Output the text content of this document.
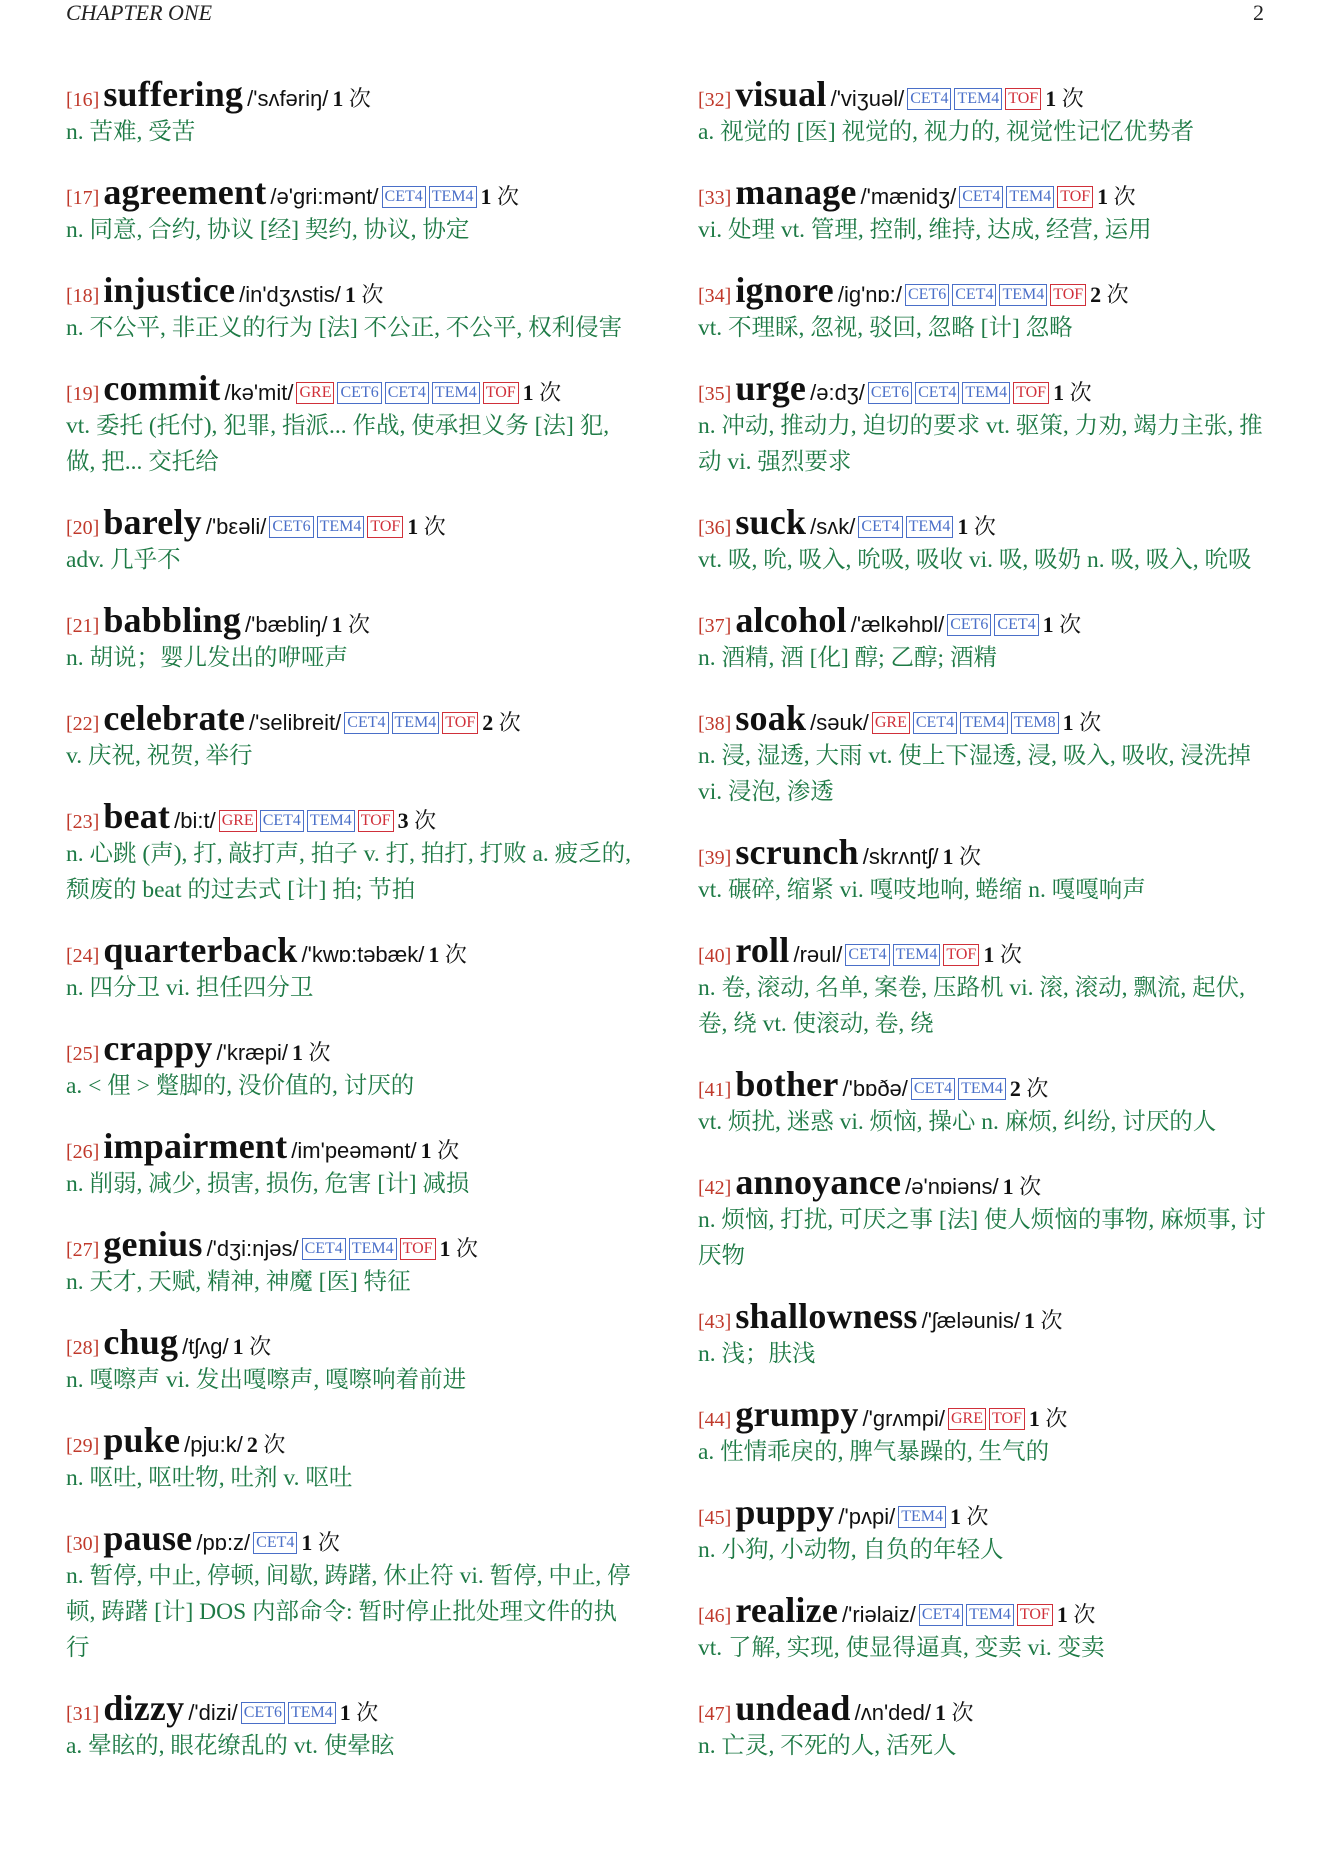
CHAPTER ONE	2
[16] suffering /'sʌfəriŋ/ 1 次

n. 苦难, 受苦

[17] agreement /ə'gri:mənt/ CET4 TEM4 1 次

n. 同意, 合约, 协议 [经] 契约, 协议, 协定

[18] injustice /in'dʒʌstis/ 1 次

n. 不公平, 非正义的行为 [法] 不公正, 不公平, 权利侵害

[19] commit /kə'mit/ GRE CET6 CET4 TEM4 TOF 1 次

vt. 委托 (托付), 犯罪, 指派... 作战, 使承担义务 [法] 犯, 做, 把... 交托给

[20] barely /'bεəli/ CET6 TEM4 TOF 1 次

adv. 几乎不

[21] babbling /'bæbliŋ/ 1 次

n. 胡说；婴儿发出的咿哑声

[22] celebrate /'selibreit/ CET4 TEM4 TOF 2 次

v. 庆祝, 祝贺, 举行

[23] beat /bi:t/ GRE CET4 TEM4 TOF 3 次

n. 心跳 (声), 打, 敲打声, 拍子 v. 打, 拍打, 打败 a. 疲乏的, 颓废的 beat 的过去式 [计] 拍; 节拍

[24] quarterback /'kwɒ:təbæk/ 1 次

n. 四分卫 vi. 担任四分卫

[25] crappy /'kræpi/ 1 次

a. < 俚 > 蹩脚的, 没价值的, 讨厌的

[26] impairment /im'peəmənt/ 1 次

n. 削弱, 减少, 损害, 损伤, 危害 [计] 减损

[27] genius /'dʒi:njəs/ CET4 TEM4 TOF 1 次

n. 天才, 天赋, 精神, 神魔 [医] 特征

[28] chug /tʃʌg/ 1 次

n. 嘎嚓声 vi. 发出嘎嚓声, 嘎嚓响着前进

[29] puke /pju:k/ 2 次

n. 呕吐, 呕吐物, 吐剂 v. 呕吐

[30] pause /pɒ:z/ CET4 1 次

n. 暂停, 中止, 停顿, 间歇, 踌躇, 休止符 vi. 暂停, 中止, 停顿, 踌躇 [计] DOS 内部命令: 暂时停止批处理文件的执行

[31] dizzy /'dizi/ CET6 TEM4 1 次

a. 晕眩的, 眼花缭乱的 vt. 使晕眩

[32] visual /'viʒuəl/ CET4 TEM4 TOF 1 次

a. 视觉的 [医] 视觉的, 视力的, 视觉性记忆优势者

[33] manage /'mænidʒ/ CET4 TEM4 TOF 1 次

vi. 处理 vt. 管理, 控制, 维持, 达成, 经营, 运用

[34] ignore /ig'nɒ:/ CET6 CET4 TEM4 TOF 2 次

vt. 不理睬, 忽视, 驳回, 忽略 [计] 忽略

[35] urge /ə:dʒ/ CET6 CET4 TEM4 TOF 1 次

n. 冲动, 推动力, 迫切的要求 vt. 驱策, 力劝, 竭力主张, 推动 vi. 强烈要求

[36] suck /sʌk/ CET4 TEM4 1 次

vt. 吸, 吮, 吸入, 吮吸, 吸收 vi. 吸, 吸奶 n. 吸, 吸入, 吮吸

[37] alcohol /'ælkəhɒl/ CET6 CET4 1 次

n. 酒精, 酒 [化] 醇; 乙醇; 酒精

[38] soak /səuk/ GRE CET4 TEM4 TEM8 1 次

n. 浸, 湿透, 大雨 vt. 使上下湿透, 浸, 吸入, 吸收, 浸洗掉 vi. 浸泡, 渗透

[39] scrunch /skrʌntʃ/ 1 次

vt. 碾碎, 缩紧 vi. 嘎吱地响, 蜷缩 n. 嘎嘎响声

[40] roll /rəul/ CET4 TEM4 TOF 1 次

n. 卷, 滚动, 名单, 案卷, 压路机 vi. 滚, 滚动, 飘流, 起伏, 卷, 绕 vt. 使滚动, 卷, 绕

[41] bother /'bɒðə/ CET4 TEM4 2 次

vt. 烦扰, 迷惑 vi. 烦恼, 操心 n. 麻烦, 纠纷, 讨厌的人

[42] annoyance /ə'nɒiəns/ 1 次

n. 烦恼, 打扰, 可厌之事 [法] 使人烦恼的事物, 麻烦事, 讨厌物

[43] shallowness /'ʃæləunis/ 1 次

n. 浅；肤浅

[44] grumpy /'grʌmpi/ GRE TOF 1 次

a. 性情乖戾的, 脾气暴躁的, 生气的

[45] puppy /'pʌpi/ TEM4 1 次

n. 小狗, 小动物, 自负的年轻人

[46] realize /'riəlaiz/ CET4 TEM4 TOF 1 次

vt. 了解, 实现, 使显得逼真, 变卖 vi. 变卖

[47] undead /ʌn'ded/ 1 次

n. 亡灵, 不死的人, 活死人
